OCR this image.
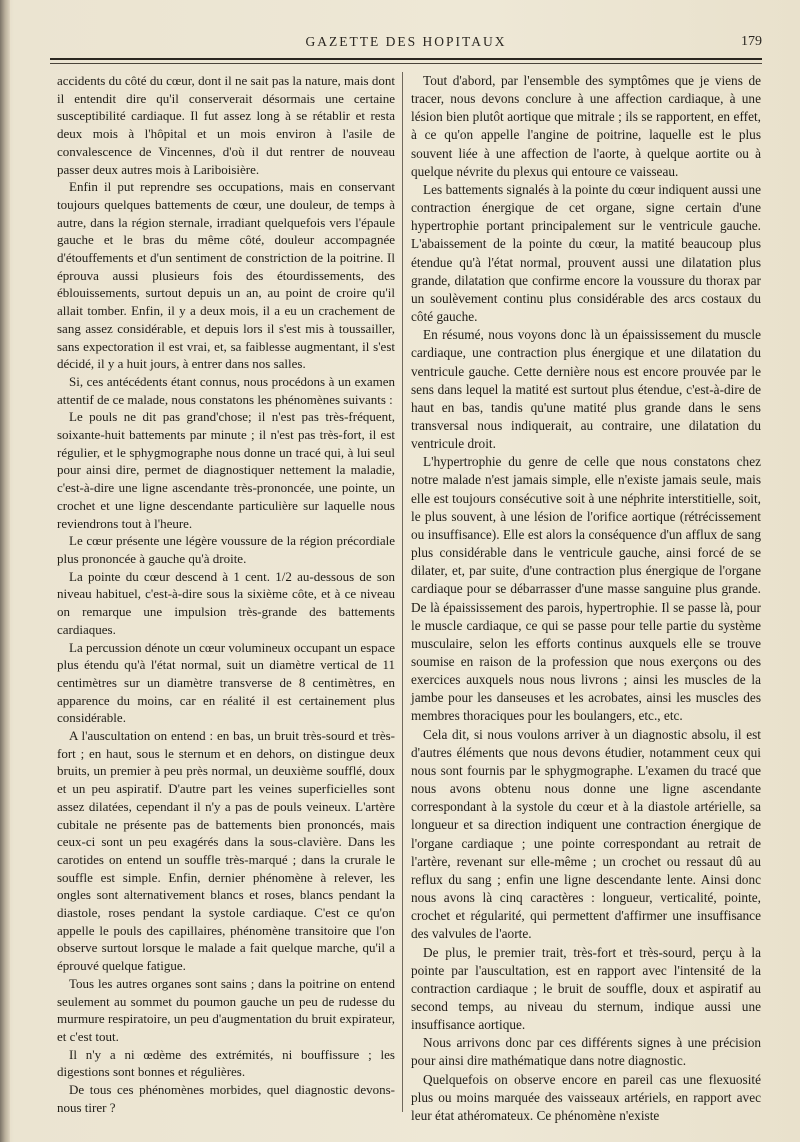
GAZETTE DES HOPITAUX	179

accidents du côté du cœur, dont il ne sait pas la nature, mais dont il entendit dire qu'il conserverait désormais une certaine susceptibilité cardiaque. Il fut assez long à se rétablir et resta deux mois à l'hôpital et un mois environ à l'asile de convalescence de Vincennes, d'où il dut rentrer de nouveau passer deux autres mois à Lariboisière.

Enfin il put reprendre ses occupations, mais en conservant toujours quelques battements de cœur, une douleur, de temps à autre, dans la région sternale, irradiant quelquefois vers l'épaule gauche et le bras du même côté, douleur accompagnée d'étouffements et d'un sentiment de constriction de la poitrine. Il éprouva aussi plusieurs fois des étourdissements, des éblouissements, surtout depuis un an, au point de croire qu'il allait tomber. Enfin, il y a deux mois, il a eu un crachement de sang assez considérable, et depuis lors il s'est mis à toussailler, sans expectoration il est vrai, et, sa faiblesse augmentant, il s'est décidé, il y a huit jours, à entrer dans nos salles.

Si, ces antécédents étant connus, nous procédons à un examen attentif de ce malade, nous constatons les phénomènes suivants :

Le pouls ne dit pas grand'chose; il n'est pas très-fréquent, soixante-huit battements par minute ; il n'est pas très-fort, il est régulier, et le sphygmographe nous donne un tracé qui, à lui seul pour ainsi dire, permet de diagnostiquer nettement la maladie, c'est-à-dire une ligne ascendante très-prononcée, une pointe, un crochet et une ligne descendante particulière sur laquelle nous reviendrons tout à l'heure.

Le cœur présente une légère voussure de la région précordiale plus prononcée à gauche qu'à droite.

La pointe du cœur descend à 1 cent. 1/2 au-dessous de son niveau habituel, c'est-à-dire sous la sixième côte, et à ce niveau on remarque une impulsion très-grande des battements cardiaques.

La percussion dénote un cœur volumineux occupant un espace plus étendu qu'à l'état normal, suit un diamètre vertical de 11 centimètres sur un diamètre transverse de 8 centimètres, en apparence du moins, car en réalité il est certainement plus considérable.

A l'auscultation on entend : en bas, un bruit très-sourd et très-fort ; en haut, sous le sternum et en dehors, on distingue deux bruits, un premier à peu près normal, un deuxième soufflé, doux et un peu aspiratif. D'autre part les veines superficielles sont assez dilatées, cependant il n'y a pas de pouls veineux. L'artère cubitale ne présente pas de battements bien prononcés, mais ceux-ci sont un peu exagérés dans la sous-clavière. Dans les carotides on entend un souffle très-marqué ; dans la crurale le souffle est simple. Enfin, dernier phénomène à relever, les ongles sont alternativement blancs et roses, blancs pendant la diastole, roses pendant la systole cardiaque. C'est ce qu'on appelle le pouls des capillaires, phénomène transitoire que l'on observe surtout lorsque le malade a fait quelque marche, qu'il a éprouvé quelque fatigue.

Tous les autres organes sont sains ; dans la poitrine on entend seulement au sommet du poumon gauche un peu de rudesse du murmure respiratoire, un peu d'augmentation du bruit expirateur, et c'est tout.

Il n'y a ni œdème des extrémités, ni bouffissure ; les digestions sont bonnes et régulières.

De tous ces phénomènes morbides, quel diagnostic devons-nous tirer ?

Tout d'abord, par l'ensemble des symptômes que je viens de tracer, nous devons conclure à une affection cardiaque, à une lésion bien plutôt aortique que mitrale ; ils se rapportent, en effet, à ce qu'on appelle l'angine de poitrine, laquelle est le plus souvent liée à une affection de l'aorte, à quelque aortite ou à quelque névrite du plexus qui entoure ce vaisseau.

Les battements signalés à la pointe du cœur indiquent aussi une contraction énergique de cet organe, signe certain d'une hypertrophie portant principalement sur le ventricule gauche. L'abaissement de la pointe du cœur, la matité beaucoup plus étendue qu'à l'état normal, prouvent aussi une dilatation plus grande, dilatation que confirme encore la voussure du thorax par un soulèvement continu plus considérable des arcs costaux du côté gauche.

En résumé, nous voyons donc là un épaississement du muscle cardiaque, une contraction plus énergique et une dilatation du ventricule gauche. Cette dernière nous est encore prouvée par le sens dans lequel la matité est surtout plus étendue, c'est-à-dire de haut en bas, tandis qu'une matité plus grande dans le sens transversal nous indiquerait, au contraire, une dilatation du ventricule droit.

L'hypertrophie du genre de celle que nous constatons chez notre malade n'est jamais simple, elle n'existe jamais seule, mais elle est toujours consécutive soit à une néphrite interstitielle, soit, le plus souvent, à une lésion de l'orifice aortique (rétrécissement ou insuffisance). Elle est alors la conséquence d'un afflux de sang plus considérable dans le ventricule gauche, ainsi forcé de se dilater, et, par suite, d'une contraction plus énergique de l'organe cardiaque pour se débarrasser d'une masse sanguine plus grande. De là épaississement des parois, hypertrophie. Il se passe là, pour le muscle cardiaque, ce qui se passe pour telle partie du système musculaire, selon les efforts continus auxquels elle se trouve soumise en raison de la profession que nous exerçons ou des exercices auxquels nous nous livrons ; ainsi les muscles de la jambe pour les danseuses et les acrobates, ainsi les muscles des membres thoraciques pour les boulangers, etc., etc.

Cela dit, si nous voulons arriver à un diagnostic absolu, il est d'autres éléments que nous devons étudier, notamment ceux qui nous sont fournis par le sphygmographe. L'examen du tracé que nous avons obtenu nous donne une ligne ascendante correspondant à la systole du cœur et à la diastole artérielle, sa longueur et sa direction indiquent une contraction énergique de l'organe cardiaque ; une pointe correspondant au retrait de l'artère, revenant sur elle-même ; un crochet ou ressaut dû au reflux du sang ; enfin une ligne descendante lente. Ainsi donc nous avons là cinq caractères : longueur, verticalité, pointe, crochet et régularité, qui permettent d'affirmer une insuffisance des valvules de l'aorte.

De plus, le premier trait, très-fort et très-sourd, perçu à la pointe par l'auscultation, est en rapport avec l'intensité de la contraction cardiaque ; le bruit de souffle, doux et aspiratif au second temps, au niveau du sternum, indique aussi une insuffisance aortique.

Nous arrivons donc par ces différents signes à une précision pour ainsi dire mathématique dans notre diagnostic.

Quelquefois on observe encore en pareil cas une flexuosité plus ou moins marquée des vaisseaux artériels, en rapport avec leur état athéromateux. Ce phénomène n'existe
